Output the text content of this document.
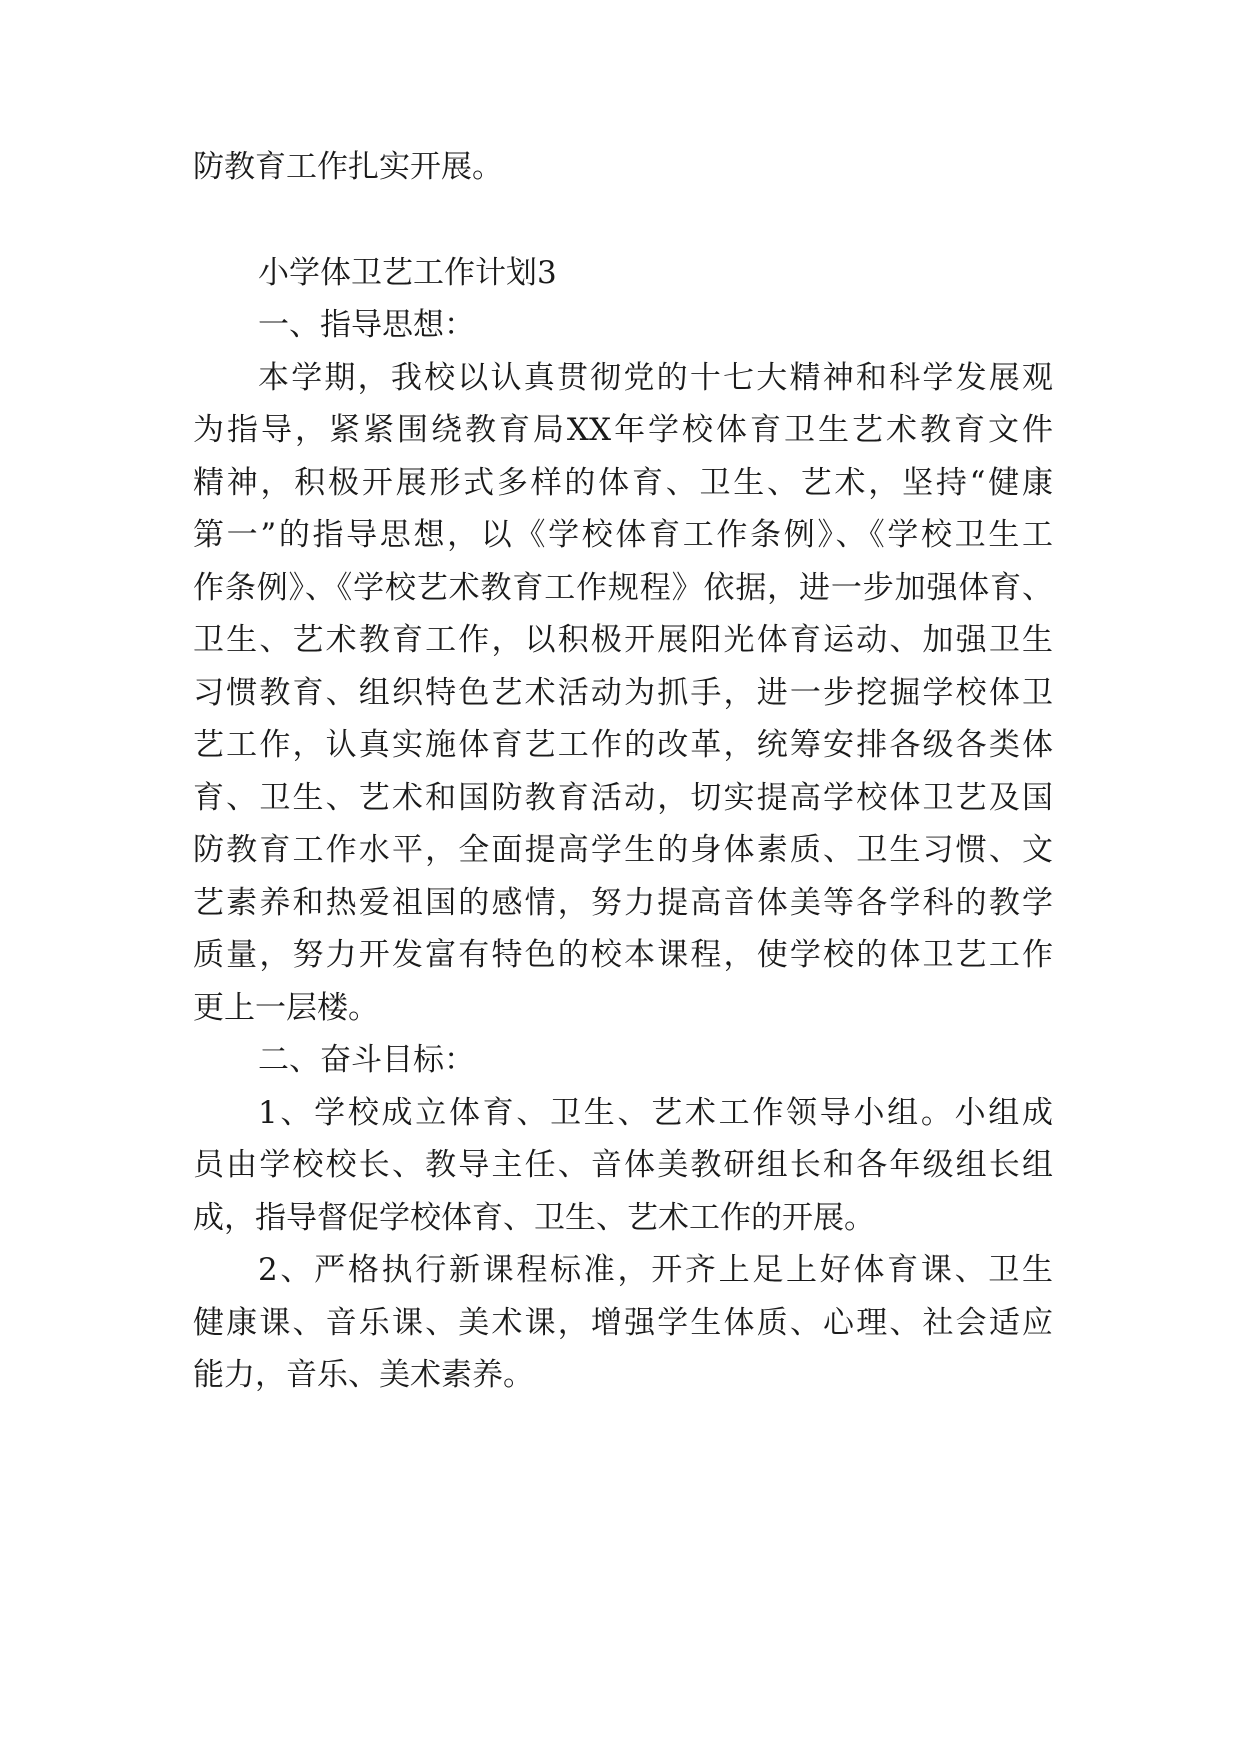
防教育工作扎实开展。
小学体卫艺工作计划3
一、指导思想：
本学期，我校以认真贯彻党的十七大精神和科学发展观
为指导，紧紧围绕教育局XX年学校体育卫生艺术教育文件
精神，积极开展形式多样的体育、卫生、艺术，坚持“健康
第一”的指导思想，以《学校体育工作条例》、《学校卫生工
作条例》、《学校艺术教育工作规程》依据，进一步加强体育、
卫生、艺术教育工作，以积极开展阳光体育运动、加强卫生
习惯教育、组织特色艺术活动为抓手，进一步挖掘学校体卫
艺工作，认真实施体育艺工作的改革，统筹安排各级各类体
育、卫生、艺术和国防教育活动，切实提高学校体卫艺及国
防教育工作水平，全面提高学生的身体素质、卫生习惯、文
艺素养和热爱祖国的感情，努力提高音体美等各学科的教学
质量，努力开发富有特色的校本课程，使学校的体卫艺工作
更上一层楼。
二、奋斗目标：
1、学校成立体育、卫生、艺术工作领导小组。小组成
员由学校校长、教导主任、音体美教研组长和各年级组长组
成，指导督促学校体育、卫生、艺术工作的开展。
2、严格执行新课程标准，开齐上足上好体育课、卫生
健康课、音乐课、美术课，增强学生体质、心理、社会适应
能力，音乐、美术素养。
